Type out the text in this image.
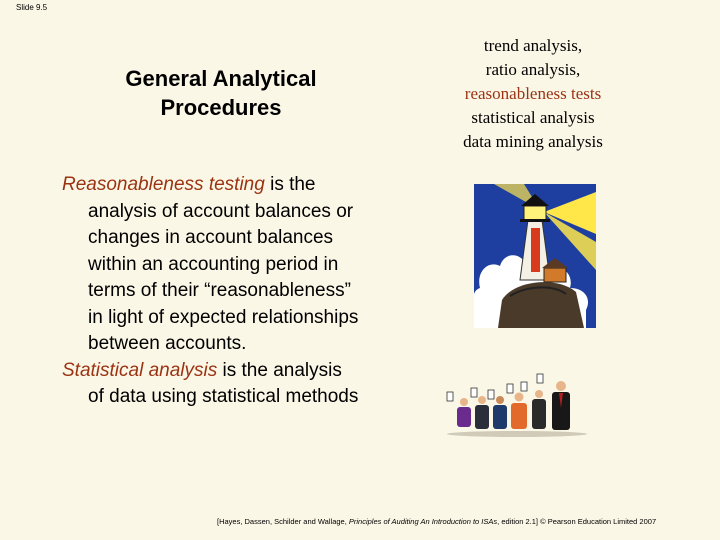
Slide 9.5
General Analytical
Procedures
trend analysis,
ratio analysis,
reasonableness tests
statistical analysis
data mining analysis

Reasonableness testing is the
analysis of account balances or
changes in account balances
within an accounting period in
terms of their “reasonableness”
in light of expected relationships
between accounts.

Statistical analysis is the analysis
of data using statistical methods

[Hayes, Dassen, Schilder and Wallage, Principles of Auditing An Introduction to ISAs, edition 2.1] © Pearson Education Limited 2007
